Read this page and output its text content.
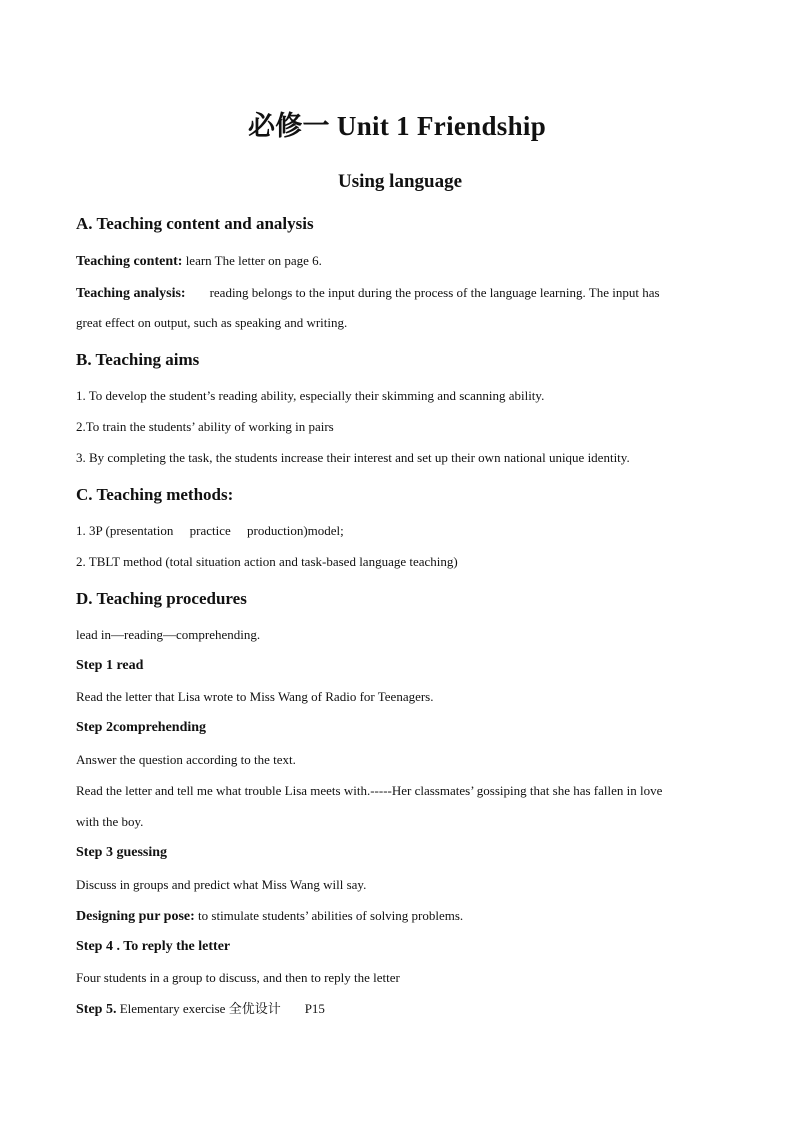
必修一 Unit 1 Friendship
Using language
A. Teaching content and analysis
Teaching content: learn The letter on page 6.
Teaching analysis: reading belongs to the input during the process of the language learning. The input has
great effect on output, such as speaking and writing.
B. Teaching aims
1. To develop the student’s reading ability, especially their skimming and scanning ability.
2.To train the students’ ability of working in pairs
3. By completing the task, the students increase their interest and set up their own national unique identity.
C. Teaching methods:
1. 3P (presentation     practice     production)model;
2. TBLT method (total situation action and task-based language teaching)
D. Teaching procedures
lead in—reading—comprehending.
Step 1 read
Read the letter that Lisa wrote to Miss Wang of Radio for Teenagers.
Step 2comprehending
Answer the question according to the text.
Read the letter and tell me what trouble Lisa meets with.-----Her classmates’ gossiping that she has fallen in love
with the boy.
Step 3 guessing
Discuss in groups and predict what Miss Wang will say.
Designing pur pose: to stimulate students’ abilities of solving problems.
Step 4 . To reply the letter
Four students in a group to discuss, and then to reply the letter
Step 5. Elementary exercise 全优设计 P15
